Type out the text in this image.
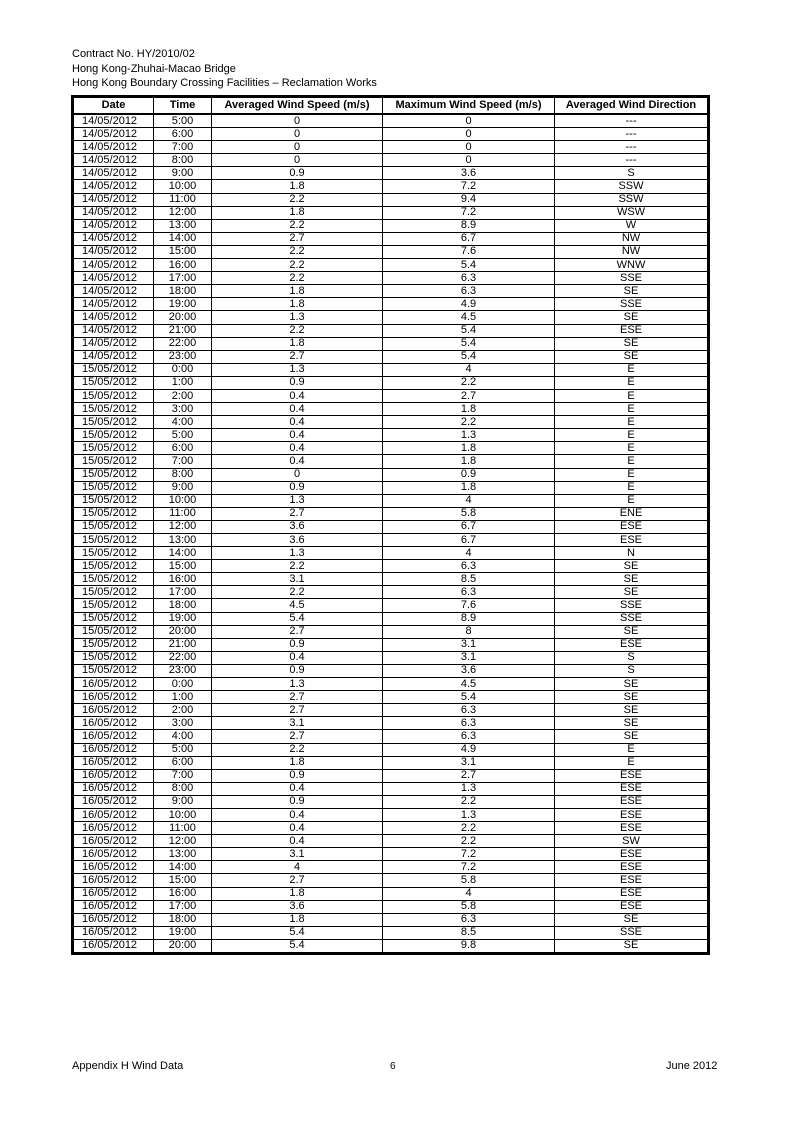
Contract No. HY/2010/02
Hong Kong-Zhuhai-Macao Bridge
Hong Kong Boundary Crossing Facilities – Reclamation Works
Date	Time	Averaged Wind Speed (m/s)	Maximum Wind Speed (m/s)	Averaged Wind Direction
14/05/2012	5:00	0	0	---
14/05/2012	6:00	0	0	---
14/05/2012	7:00	0	0	---
14/05/2012	8:00	0	0	---
14/05/2012	9:00	0.9	3.6	S
14/05/2012	10:00	1.8	7.2	SSW
14/05/2012	11:00	2.2	9.4	SSW
14/05/2012	12:00	1.8	7.2	WSW
14/05/2012	13:00	2.2	8.9	W
14/05/2012	14:00	2.7	6.7	NW
14/05/2012	15:00	2.2	7.6	NW
14/05/2012	16:00	2.2	5.4	WNW
14/05/2012	17:00	2.2	6.3	SSE
14/05/2012	18:00	1.8	6.3	SE
14/05/2012	19:00	1.8	4.9	SSE
14/05/2012	20:00	1.3	4.5	SE
14/05/2012	21:00	2.2	5.4	ESE
14/05/2012	22:00	1.8	5.4	SE
14/05/2012	23:00	2.7	5.4	SE
15/05/2012	0:00	1.3	4	E
15/05/2012	1:00	0.9	2.2	E
15/05/2012	2:00	0.4	2.7	E
15/05/2012	3:00	0.4	1.8	E
15/05/2012	4:00	0.4	2.2	E
15/05/2012	5:00	0.4	1.3	E
15/05/2012	6:00	0.4	1.8	E
15/05/2012	7:00	0.4	1.8	E
15/05/2012	8:00	0	0.9	E
15/05/2012	9:00	0.9	1.8	E
15/05/2012	10:00	1.3	4	E
15/05/2012	11:00	2.7	5.8	ENE
15/05/2012	12:00	3.6	6.7	ESE
15/05/2012	13:00	3.6	6.7	ESE
15/05/2012	14:00	1.3	4	N
15/05/2012	15:00	2.2	6.3	SE
15/05/2012	16:00	3.1	8.5	SE
15/05/2012	17:00	2.2	6.3	SE
15/05/2012	18:00	4.5	7.6	SSE
15/05/2012	19:00	5.4	8.9	SSE
15/05/2012	20:00	2.7	8	SE
15/05/2012	21:00	0.9	3.1	ESE
15/05/2012	22:00	0.4	3.1	S
15/05/2012	23:00	0.9	3.6	S
16/05/2012	0:00	1.3	4.5	SE
16/05/2012	1:00	2.7	5.4	SE
16/05/2012	2:00	2.7	6.3	SE
16/05/2012	3:00	3.1	6.3	SE
16/05/2012	4:00	2.7	6.3	SE
16/05/2012	5:00	2.2	4.9	E
16/05/2012	6:00	1.8	3.1	E
16/05/2012	7:00	0.9	2.7	ESE
16/05/2012	8:00	0.4	1.3	ESE
16/05/2012	9:00	0.9	2.2	ESE
16/05/2012	10:00	0.4	1.3	ESE
16/05/2012	11:00	0.4	2.2	ESE
16/05/2012	12:00	0.4	2.2	SW
16/05/2012	13:00	3.1	7.2	ESE
16/05/2012	14:00	4	7.2	ESE
16/05/2012	15:00	2.7	5.8	ESE
16/05/2012	16:00	1.8	4	ESE
16/05/2012	17:00	3.6	5.8	ESE
16/05/2012	18:00	1.8	6.3	SE
16/05/2012	19:00	5.4	8.5	SSE
16/05/2012	20:00	5.4	9.8	SE
Appendix H Wind Data	6	June 2012
